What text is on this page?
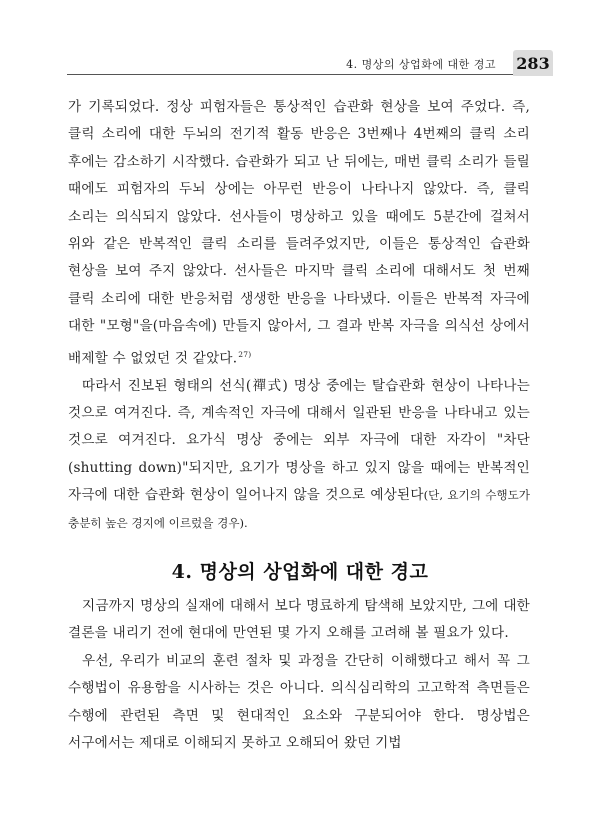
4. 명상의 상업화에 대한 경고 283

가 기록되었다. 정상 피험자들은 통상적인 습관화 현상을 보여 주었다. 즉, 클릭 소리에 대한 두뇌의 전기적 활동 반응은 3번째나 4번째의 클릭 소리 후에는 감소하기 시작했다. 습관화가 되고 난 뒤에는, 매번 클릭 소리가 들릴 때에도 피험자의 두뇌 상에는 아무런 반응이 나타나지 않았다. 즉, 클릭 소리는 의식되지 않았다. 선사들이 명상하고 있을 때에도 5분간에 걸쳐서 위와 같은 반복적인 클릭 소리를 들려주었지만, 이들은 통상적인 습관화 현상을 보여 주지 않았다. 선사들은 마지막 클릭 소리에 대해서도 첫 번째 클릭 소리에 대한 반응처럼 생생한 반응을 나타냈다. 이들은 반복적 자극에 대한 "모형"을(마음속에) 만들지 않아서, 그 결과 반복 자극을 의식선 상에서 배제할 수 없었던 것 같았다.$^{27)}$

따라서 진보된 형태의 선식(禪式) 명상 중에는 탈습관화 현상이 나타나는 것으로 여겨진다. 즉, 계속적인 자극에 대해서 일관된 반응을 나타내고 있는 것으로 여겨진다. 요가식 명상 중에는 외부 자극에 대한 자각이 "차단(shutting down)"되지만, 요기가 명상을 하고 있지 않을 때에는 반복적인 자극에 대한 습관화 현상이 일어나지 않을 것으로 예상된다(단, 요기의 수행도가 충분히 높은 경지에 이르렀을 경우).

4. 명상의 상업화에 대한 경고

지금까지 명상의 실재에 대해서 보다 명료하게 탐색해 보았지만, 그에 대한 결론을 내리기 전에 현대에 만연된 몇 가지 오해를 고려해 볼 필요가 있다.

우선, 우리가 비교의 훈련 절차 및 과정을 간단히 이해했다고 해서 꼭 그 수행법이 유용함을 시사하는 것은 아니다. 의식심리학의 고고학적 측면들은 수행에 관련된 측면 및 현대적인 요소와 구분되어야 한다. 명상법은 서구에서는 제대로 이해되지 못하고 오해되어 왔던 기법
